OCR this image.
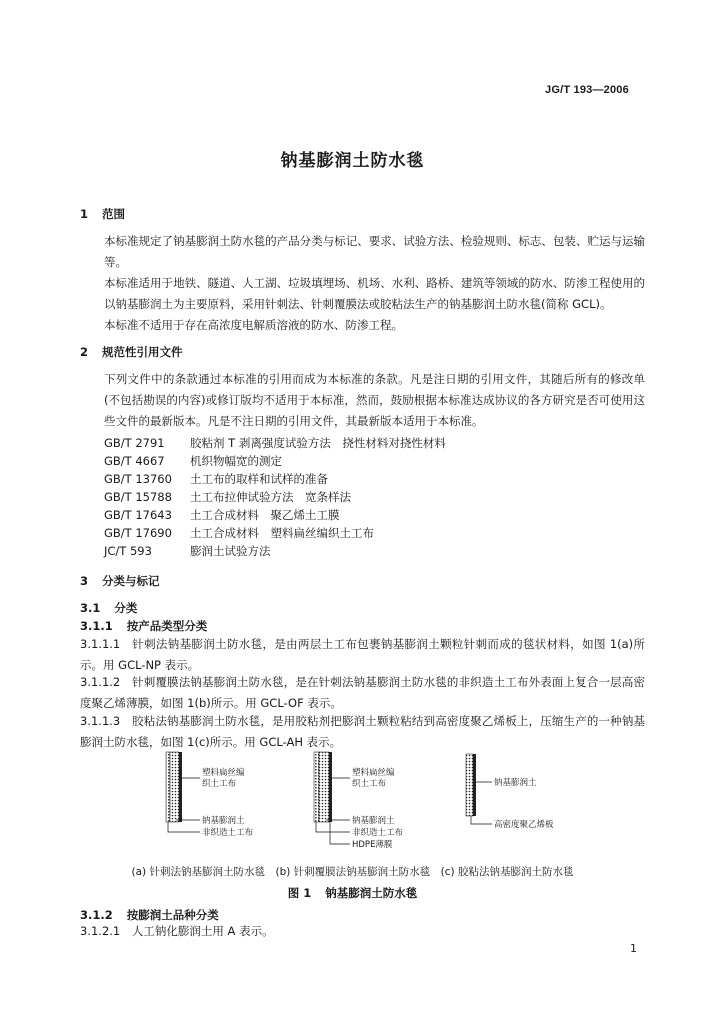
JG/T 193—2006
钠基膨润土防水毯
1 范围
本标准规定了钠基膨润土防水毯的产品分类与标记、要求、试验方法、检验规则、标志、包装、贮运与运输等。
本标准适用于地铁、隧道、人工湖、垃圾填埋场、机场、水利、路桥、建筑等领域的防水、防渗工程使用的以钠基膨润土为主要原料，采用针刺法、针刺覆膜法或胶粘法生产的钠基膨润土防水毯(简称 GCL)。
本标准不适用于存在高浓度电解质溶液的防水、防渗工程。
2 规范性引用文件
下列文件中的条款通过本标准的引用而成为本标准的条款。凡是注日期的引用文件，其随后所有的修改单(不包括勘误的内容)或修订版均不适用于本标准，然而，鼓励根据本标准达成协议的各方研究是否可使用这些文件的最新版本。凡是不注日期的引用文件，其最新版本适用于本标准。
GB/T 2791 胶粘剂 T 剥离强度试验方法　挠性材料对挠性材料
GB/T 4667 机织物幅宽的测定
GB/T 13760 土工布的取样和试样的准备
GB/T 15788 土工布拉伸试验方法　宽条样法
GB/T 17643 土工合成材料　聚乙烯土工膜
GB/T 17690 土工合成材料　塑料扁丝编织土工布
JC/T 593	膨润土试验方法
3 分类与标记
3.1 分类
3.1.1 按产品类型分类
3.1.1.1 针刺法钠基膨润土防水毯，是由两层土工布包裹钠基膨润土颗粒针刺而成的毯状材料，如图 1(a)所示。用 GCL-NP 表示。
3.1.1.2 针刺覆膜法钠基膨润土防水毯，是在针刺法钠基膨润土防水毯的非织造土工布外表面上复合一层高密度聚乙烯薄膜，如图 1(b)所示。用 GCL-OF 表示。
3.1.1.3 胶粘法钠基膨润土防水毯，是用胶粘剂把膨润土颗粒粘结到高密度聚乙烯板上，压缩生产的一种钠基膨润土防水毯，如图 1(c)所示。用 GCL-AH 表示。
塑料扁丝编
织土工布
钠基膨润土
非织造土工布
塑料扁丝编
织土工布
钠基膨润土
非织造土工布
HDPE薄膜
钠基膨润土
高密度聚乙烯板
(a) 针刺法钠基膨润土防水毯　(b) 针刺覆膜法钠基膨润土防水毯　(c) 胶粘法钠基膨润土防水毯
图 1 钠基膨润土防水毯
3.1.2 按膨润土品种分类
3.1.2.1 人工钠化膨润土用 A 表示。
1
